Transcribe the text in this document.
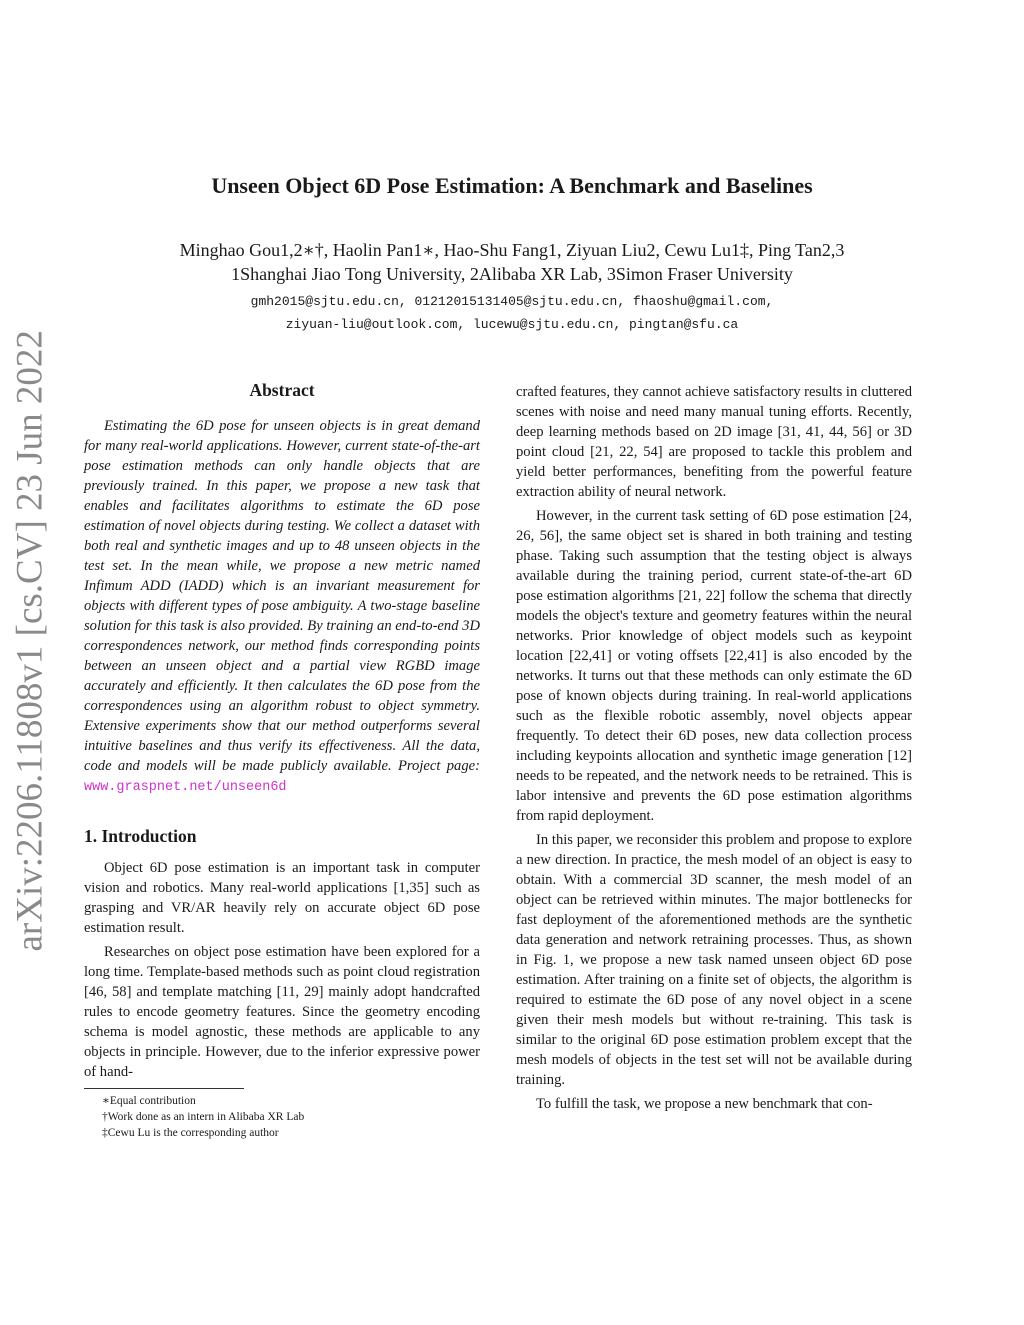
arXiv:2206.11808v1 [cs.CV] 23 Jun 2022
Unseen Object 6D Pose Estimation: A Benchmark and Baselines
Minghao Gou1,2∗†, Haolin Pan1∗, Hao-Shu Fang1, Ziyuan Liu2, Cewu Lu1‡, Ping Tan2,3
1Shanghai Jiao Tong University, 2Alibaba XR Lab, 3Simon Fraser University
gmh2015@sjtu.edu.cn, 01212015131405@sjtu.edu.cn, fhaoshu@gmail.com,
ziyuan-liu@outlook.com, lucewu@sjtu.edu.cn, pingtan@sfu.ca
Abstract

Estimating the 6D pose for unseen objects is in great demand for many real-world applications. However, current state-of-the-art pose estimation methods can only handle objects that are previously trained. In this paper, we propose a new task that enables and facilitates algorithms to estimate the 6D pose estimation of novel objects during testing. We collect a dataset with both real and synthetic images and up to 48 unseen objects in the test set. In the mean while, we propose a new metric named Infimum ADD (IADD) which is an invariant measurement for objects with different types of pose ambiguity. A two-stage baseline solution for this task is also provided. By training an end-to-end 3D correspondences network, our method finds corresponding points between an unseen object and a partial view RGBD image accurately and efficiently. It then calculates the 6D pose from the correspondences using an algorithm robust to object symmetry. Extensive experiments show that our method outperforms several intuitive baselines and thus verify its effectiveness. All the data, code and models will be made publicly available. Project page: www.graspnet.net/unseen6d

1. Introduction

Object 6D pose estimation is an important task in computer vision and robotics. Many real-world applications [1,35] such as grasping and VR/AR heavily rely on accurate object 6D pose estimation result.

Researches on object pose estimation have been explored for a long time. Template-based methods such as point cloud registration [46, 58] and template matching [11, 29] mainly adopt handcrafted rules to encode geometry features. Since the geometry encoding schema is model agnostic, these methods are applicable to any objects in principle. However, due to the inferior expressive power of hand-

∗Equal contribution

†Work done as an intern in Alibaba XR Lab

‡Cewu Lu is the corresponding author

crafted features, they cannot achieve satisfactory results in cluttered scenes with noise and need many manual tuning efforts. Recently, deep learning methods based on 2D image [31, 41, 44, 56] or 3D point cloud [21, 22, 54] are proposed to tackle this problem and yield better performances, benefiting from the powerful feature extraction ability of neural network.

However, in the current task setting of 6D pose estimation [24, 26, 56], the same object set is shared in both training and testing phase. Taking such assumption that the testing object is always available during the training period, current state-of-the-art 6D pose estimation algorithms [21, 22] follow the schema that directly models the object's texture and geometry features within the neural networks. Prior knowledge of object models such as keypoint location [22,41] or voting offsets [22,41] is also encoded by the networks. It turns out that these methods can only estimate the 6D pose of known objects during training. In real-world applications such as the flexible robotic assembly, novel objects appear frequently. To detect their 6D poses, new data collection process including keypoints allocation and synthetic image generation [12] needs to be repeated, and the network needs to be retrained. This is labor intensive and prevents the 6D pose estimation algorithms from rapid deployment.

In this paper, we reconsider this problem and propose to explore a new direction. In practice, the mesh model of an object is easy to obtain. With a commercial 3D scanner, the mesh model of an object can be retrieved within minutes. The major bottlenecks for fast deployment of the aforementioned methods are the synthetic data generation and network retraining processes. Thus, as shown in Fig. 1, we propose a new task named unseen object 6D pose estimation. After training on a finite set of objects, the algorithm is required to estimate the 6D pose of any novel object in a scene given their mesh models but without re-training. This task is similar to the original 6D pose estimation problem except that the mesh models of objects in the test set will not be available during training.

To fulfill the task, we propose a new benchmark that con-
